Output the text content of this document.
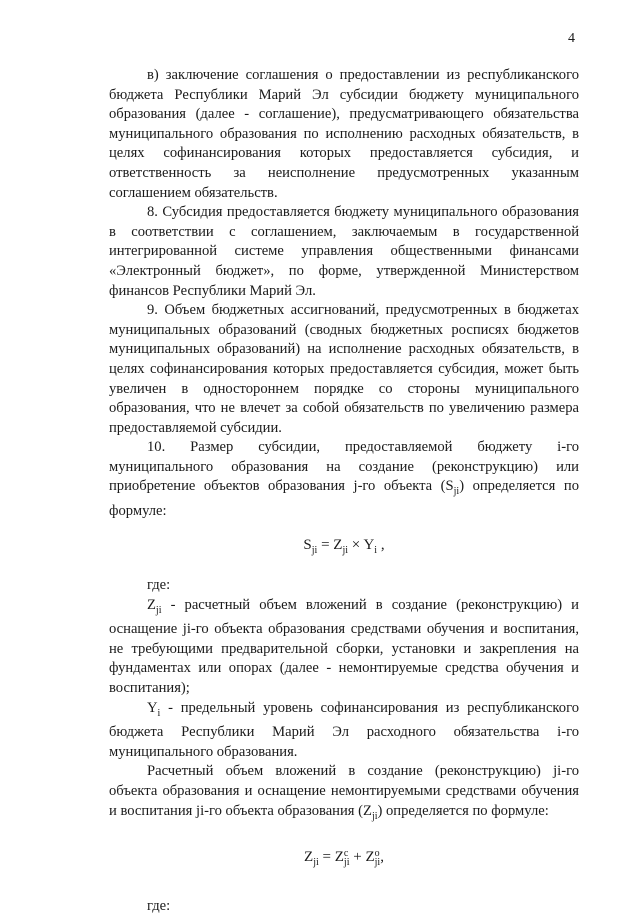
4

в) заключение соглашения о предоставлении из республиканского бюджета Республики Марий Эл субсидии бюджету муниципального образования (далее - соглашение), предусматривающего обязательства муниципального образования по исполнению расходных обязательств, в целях софинансирования которых предоставляется субсидия, и ответственность за неисполнение предусмотренных указанным соглашением обязательств.

8. Субсидия предоставляется бюджету муниципального образования в соответствии с соглашением, заключаемым в государственной интегрированной системе управления общественными финансами «Электронный бюджет», по форме, утвержденной Министерством финансов Республики Марий Эл.

9. Объем бюджетных ассигнований, предусмотренных в бюджетах муниципальных образований (сводных бюджетных росписях бюджетов муниципальных образований) на исполнение расходных обязательств, в целях софинансирования которых предоставляется субсидия, может быть увеличен в одностороннем порядке со стороны муниципального образования, что не влечет за собой обязательств по увеличению размера предоставляемой субсидии.

10. Размер субсидии, предоставляемой бюджету i-го муниципального образования на создание (реконструкцию) или приобретение объектов образования j-го объекта $(S_{ji})$ определяется по формуле:

$S_{ji} = Z_{ji} \times Y_i$ ,

где:

$Z_{ji}$ - расчетный объем вложений в создание (реконструкцию) и оснащение ji-го объекта образования средствами обучения и воспитания, не требующими предварительной сборки, установки и закрепления на фундаментах или опорах (далее - немонтируемые средства обучения и воспитания);

$Y_i$ - предельный уровень софинансирования из республиканского бюджета Республики Марий Эл расходного обязательства i-го муниципального образования.

Расчетный объем вложений в создание (реконструкцию) ji-го объекта образования и оснащение немонтируемыми средствами обучения и воспитания ji-го объекта образования $(Z_{ji})$ определяется по формуле:

$Z_{ji} = Z$ c
ji + Z o
ji ,

где:
